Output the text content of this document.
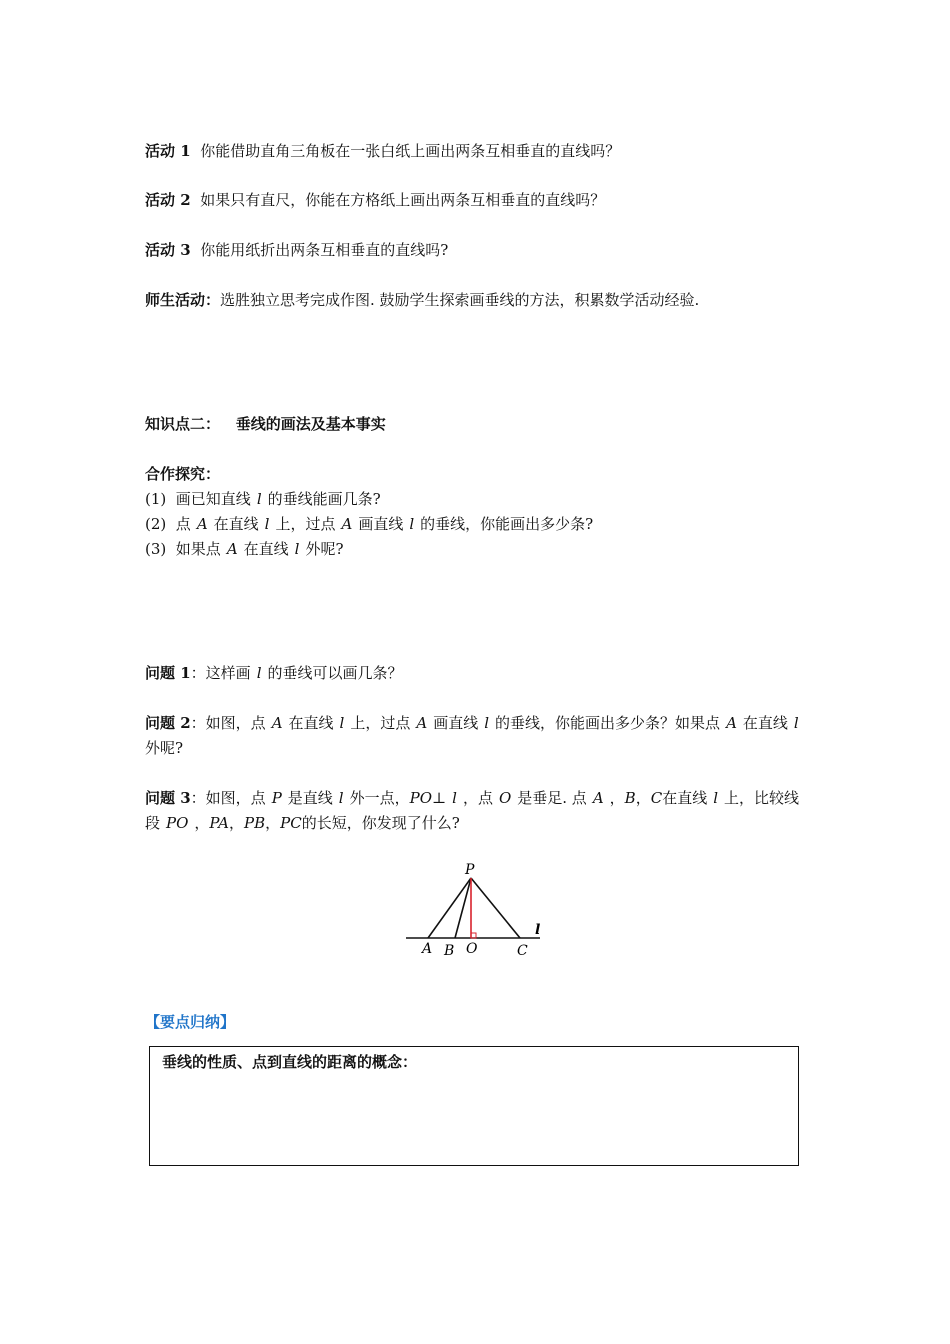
活动 1 你能借助直角三角板在一张白纸上画出两条互相垂直的直线吗？
活动 2 如果只有直尺，你能在方格纸上画出两条互相垂直的直线吗？
活动 3 你能用纸折出两条互相垂直的直线吗?
师生活动：选胜独立思考完成作图. 鼓励学生探索画垂线的方法，积累数学活动经验.
知识点二： 垂线的画法及基本事实
合作探究：
(1) 画已知直线 l 的垂线能画几条?
(2) 点 A 在直线 l 上，过点 A 画直线 l 的垂线，你能画出多少条?
(3) 如果点 A 在直线 l 外呢?
问题 1：这样画 l 的垂线可以画几条？
问题 2：如图，点 A 在直线 l 上，过点 A 画直线 l 的垂线，你能画出多少条？如果点 A 在直线 l外呢?
问题 3：如图，点 P 是直线 l 外一点，PO⊥ l ，点 O 是垂足. 点 A ，B，C在直线 l 上，比较线段 PO ，PA，PB，PC的长短，你发现了什么?
P
A B O	C
l
【要点归纳】
垂线的性质、点到直线的距离的概念：
